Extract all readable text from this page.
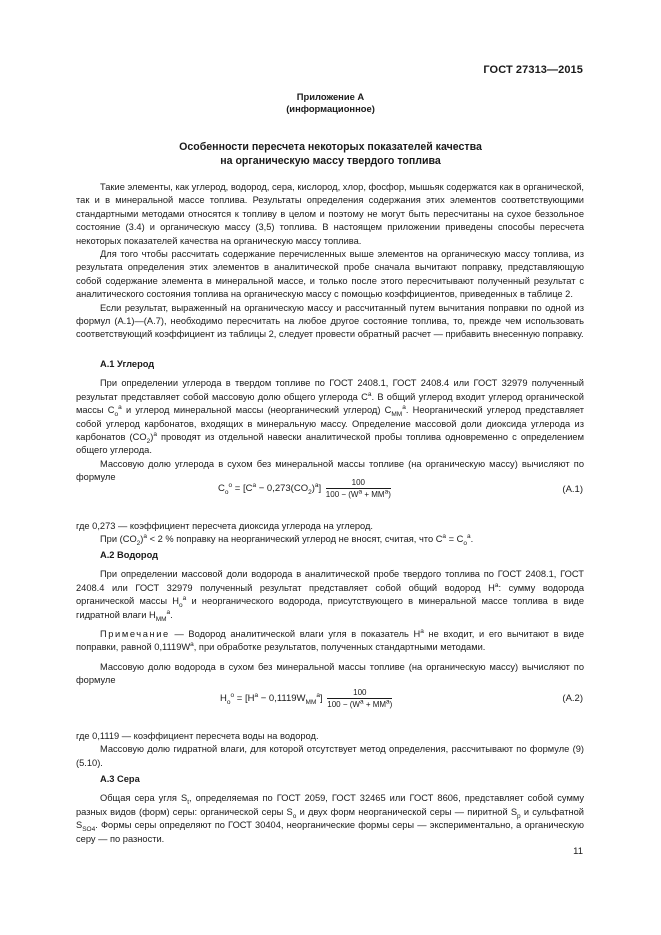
ГОСТ 27313—2015
Приложение А
(информационное)
Особенности пересчета некоторых показателей качества
на органическую массу твердого топлива

Такие элементы, как углерод, водород, сера, кислород, хлор, фосфор, мышьяк содержатся как в органической, так и в минеральной массе топлива. Результаты определения содержания этих элементов соответствующими стандартными методами относятся к топливу в целом и поэтому не могут быть пересчитаны на сухое беззольное состояние (3.4) и органическую массу (3,5) топлива. В настоящем приложении приведены способы пересчета некоторых показателей качества на органическую массу топлива.

Для того чтобы рассчитать содержание перечисленных выше элементов на органическую массу топлива, из результата определения этих элементов в аналитической пробе сначала вычитают поправку, представляющую собой содержание элемента в минеральной массе, и только после этого пересчитывают полученный результат с аналитического состояния топлива на органическую массу с помощью коэффициентов, приведенных в таблице 2.

Если результат, выраженный на органическую массу и рассчитанный путем вычитания поправки по одной из формул (А.1)—(А.7), необходимо пересчитать на любое другое состояние топлива, то, прежде чем использовать соответствующий коэффициент из таблицы 2, следует провести обратный расчет — прибавить внесенную поправку.

А.1 Углерод

При определении углерода в твердом топливе по ГОСТ 2408.1, ГОСТ 2408.4 или ГОСТ 32979 полученный результат представляет собой массовую долю общего углерода $C^a$. В общий углерод входит углерод органической массы $C_o^a$ и углерод минеральной массы (неорганический углерод) $C_{MM}^a$. Неорганический углерод представляет собой углерод карбонатов, входящих в минеральную массу. Определение массовой доли диоксида углерода из карбонатов $(CO_2)^a$ проводят из отдельной навески аналитической пробы топлива одновременно с определением общего углерода.

Массовую долю углерода в сухом без минеральной массы топливе (на органическую массу) вычисляют по формуле

$C_o^o = [C^a - 0,273(CO_2)^a] \frac{100}{100 - (W^a + MM^a)}$	(А.1)

где 0,273 — коэффициент пересчета диоксида углерода на углерод.

При $(CO_2)^a < 2$ % поправку на неорганический углерод не вносят, считая, что $C^a = C_o^a$.

А.2 Водород

При определении массовой доли водорода в аналитической пробе твердого топлива по ГОСТ 2408.1, ГОСТ 2408.4 или ГОСТ 32979 полученный результат представляет собой общий водород $H^a$: сумму водорода органической массы $H_o^a$ и неорганического водорода, присутствующего в минеральной массе топлива в виде гидратной влаги $H_{MM}^a$.

Примечание — Водород аналитической влаги угля в показатель $H^a$ не входит, и его вычитают в виде поправки, равной $0,1119W^a$, при обработке результатов, полученных стандартными методами.

Массовую долю водорода в сухом без минеральной массы топливе (на органическую массу) вычисляют по формуле

$H_o^o = [H^a - 0,1119W_{MM}^a] \frac{100}{100 - (W^a + MM^a)}$	(А.2)

где 0,1119 — коэффициент пересчета воды на водород.

Массовую долю гидратной влаги, для которой отсутствует метод определения, рассчитывают по формуле (9) (5.10).

А.3 Сера

Общая сера угля $S_t$, определяемая по ГОСТ 2059, ГОСТ 32465 или ГОСТ 8606, представляет собой сумму разных видов (форм) серы: органической серы $S_o$ и двух форм неорганической серы — пиритной $S_p$ и сульфатной $S_{SO4}$. Формы серы определяют по ГОСТ 30404, неорганические формы серы — экспериментально, а органическую серу — по разности.

11
